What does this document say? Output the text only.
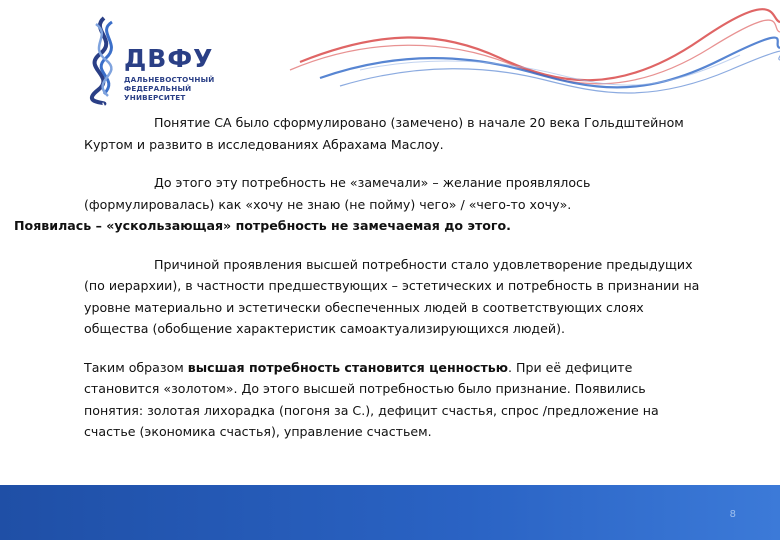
ДВФУ
ДАЛЬНЕВОСТОЧНЫЙ
ФЕДЕРАЛЬНЫЙ
УНИВЕРСИТЕТ

Понятие СА было сформулировано (замечено) в начале 20 века Гольдштейном Куртом и развито в исследованиях Абрахама Маслоу.

До этого эту потребность не «замечали» – желание проявлялось (формулировалась) как «хочу не знаю (не пойму) чего» / «чего-то хочу».
Появилась – «ускользающая» потребность не замечаемая до этого.

Причиной проявления высшей потребности стало удовлетворение предыдущих (по иерархии), в частности предшествующих – эстетических и потребность в признании на уровне материально и эстетически обеспеченных людей в соответствующих слоях общества (обобщение характеристик самоактуализирующихся людей).

Таким образом высшая потребность становится ценностью. При её дефиците становится «золотом». До этого высшей потребностью было признание. Появились понятия: золотая лихорадка (погоня за С.), дефицит счастья, спрос /предложение на счастье (экономика счастья), управление счастьем.

8
